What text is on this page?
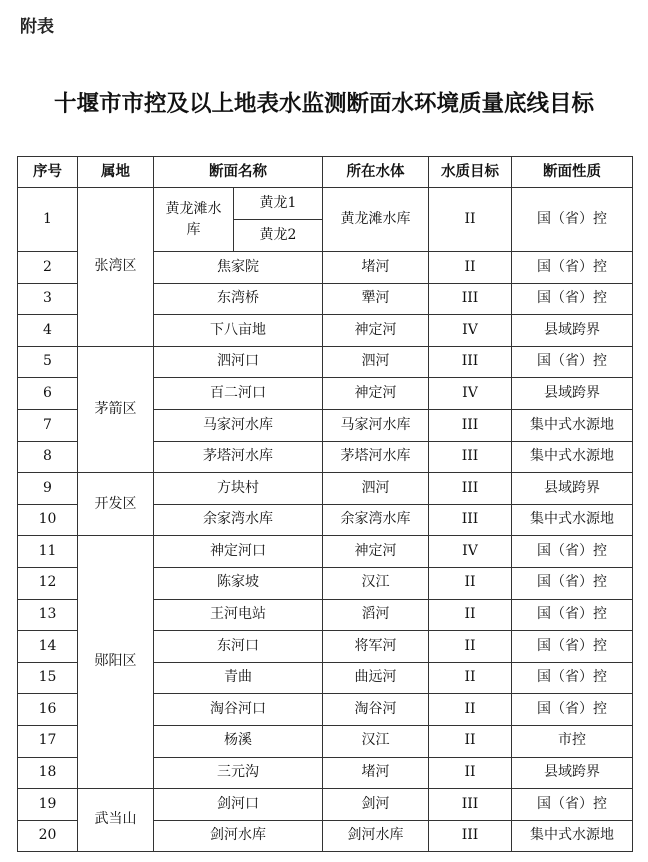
附表
十堰市市控及以上地表水监测断面水环境质量底线目标
序号	属地	断面名称		所在水体	水质目标	断面性质
1	张湾区	黄龙滩水库	黄龙1	黄龙滩水库	II	国（省）控
			黄龙2			
2		焦家院		堵河	II	国（省）控
3		东湾桥		犟河	III	国（省）控
4		下八亩地		神定河	IV	县域跨界
5	茅箭区	泗河口		泗河	III	国（省）控
6		百二河口		神定河	IV	县域跨界
7		马家河水库		马家河水库	III	集中式水源地
8		茅塔河水库		茅塔河水库	III	集中式水源地
9	开发区	方块村		泗河	III	县域跨界
10		余家湾水库		余家湾水库	III	集中式水源地
11	郧阳区	神定河口		神定河	IV	国（省）控
12		陈家坡		汉江	II	国（省）控
13		王河电站		滔河	II	国（省）控
14		东河口		将军河	II	国（省）控
15		青曲		曲远河	II	国（省）控
16		淘谷河口		淘谷河	II	国（省）控
17		杨溪		汉江	II	市控
18		三元沟		堵河	II	县域跨界
19	武当山	剑河口		剑河	III	国（省）控
20		剑河水库		剑河水库	III	集中式水源地
